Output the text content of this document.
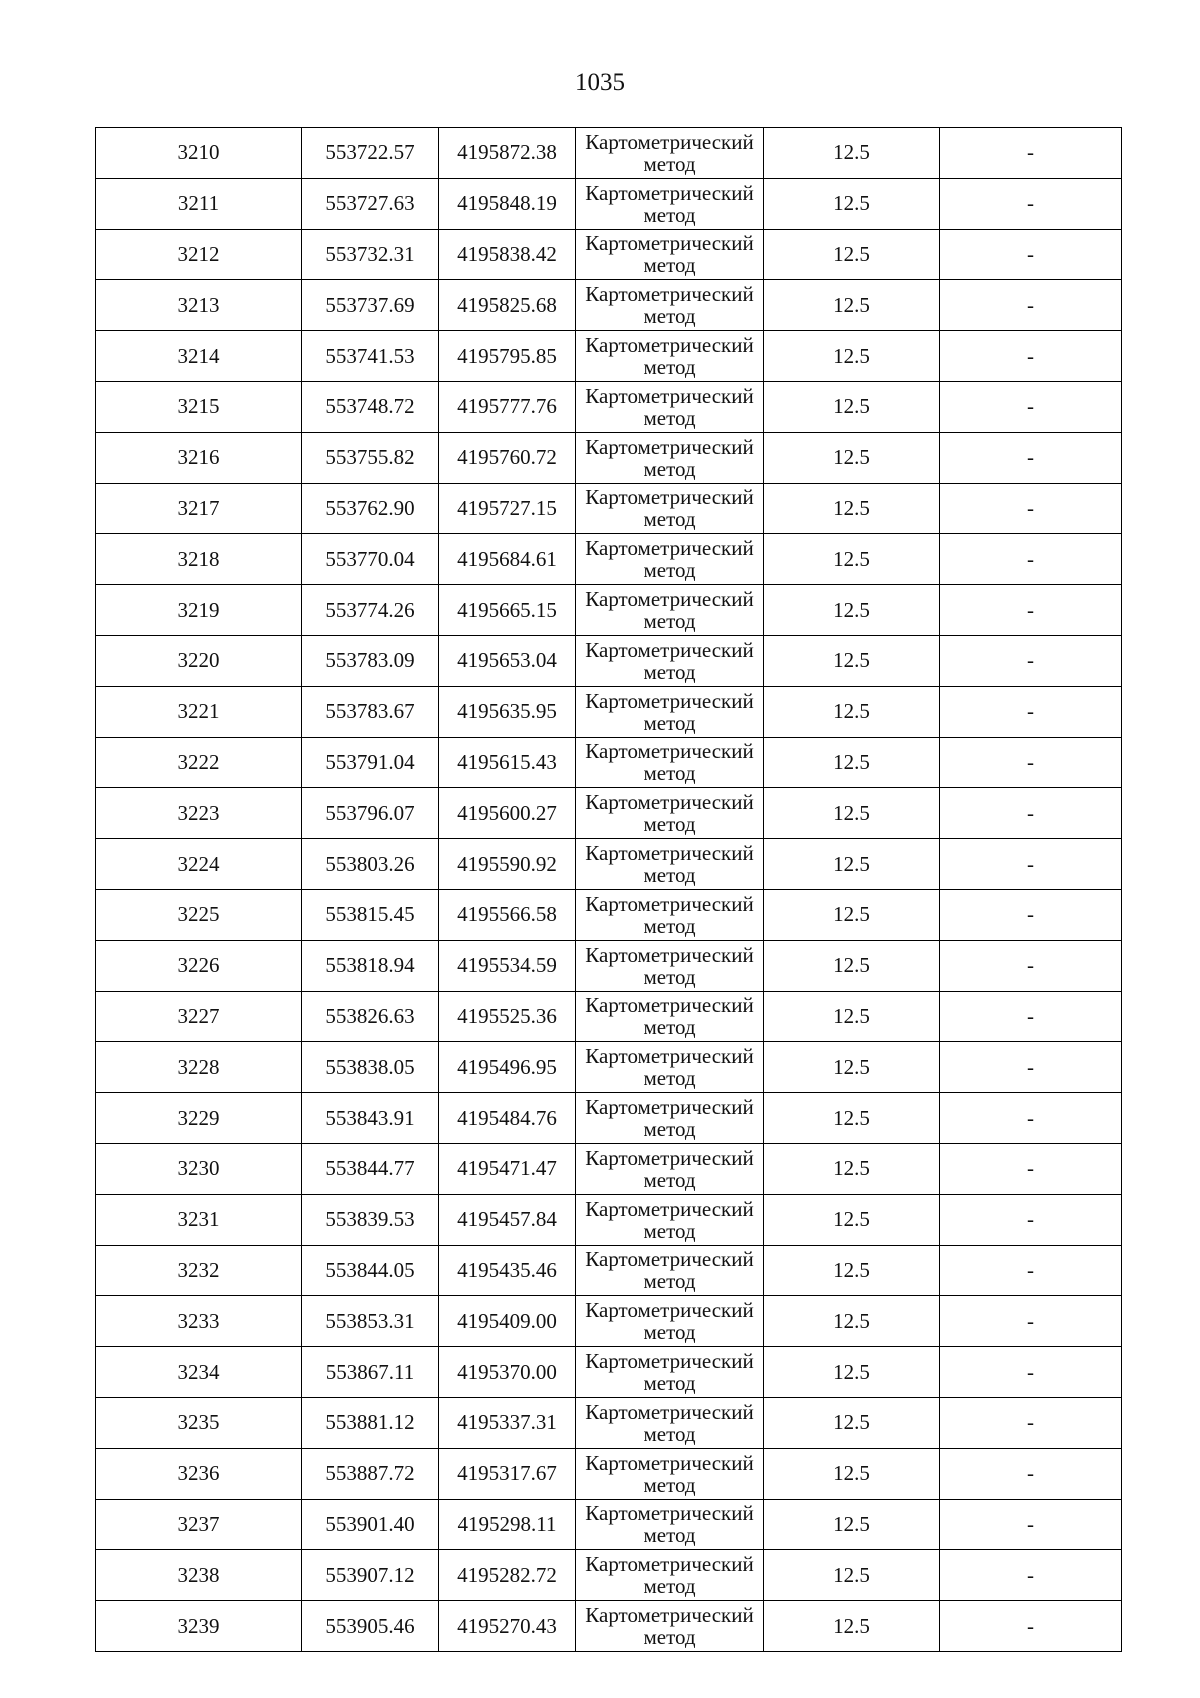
1035
3210	553722.57	4195872.38	Картометрический
метод	12.5	-
3211	553727.63	4195848.19	Картометрический
метод	12.5	-
3212	553732.31	4195838.42	Картометрический
метод	12.5	-
3213	553737.69	4195825.68	Картометрический
метод	12.5	-
3214	553741.53	4195795.85	Картометрический
метод	12.5	-
3215	553748.72	4195777.76	Картометрический
метод	12.5	-
3216	553755.82	4195760.72	Картометрический
метод	12.5	-
3217	553762.90	4195727.15	Картометрический
метод	12.5	-
3218	553770.04	4195684.61	Картометрический
метод	12.5	-
3219	553774.26	4195665.15	Картометрический
метод	12.5	-
3220	553783.09	4195653.04	Картометрический
метод	12.5	-
3221	553783.67	4195635.95	Картометрический
метод	12.5	-
3222	553791.04	4195615.43	Картометрический
метод	12.5	-
3223	553796.07	4195600.27	Картометрический
метод	12.5	-
3224	553803.26	4195590.92	Картометрический
метод	12.5	-
3225	553815.45	4195566.58	Картометрический
метод	12.5	-
3226	553818.94	4195534.59	Картометрический
метод	12.5	-
3227	553826.63	4195525.36	Картометрический
метод	12.5	-
3228	553838.05	4195496.95	Картометрический
метод	12.5	-
3229	553843.91	4195484.76	Картометрический
метод	12.5	-
3230	553844.77	4195471.47	Картометрический
метод	12.5	-
3231	553839.53	4195457.84	Картометрический
метод	12.5	-
3232	553844.05	4195435.46	Картометрический
метод	12.5	-
3233	553853.31	4195409.00	Картометрический
метод	12.5	-
3234	553867.11	4195370.00	Картометрический
метод	12.5	-
3235	553881.12	4195337.31	Картометрический
метод	12.5	-
3236	553887.72	4195317.67	Картометрический
метод	12.5	-
3237	553901.40	4195298.11	Картометрический
метод	12.5	-
3238	553907.12	4195282.72	Картометрический
метод	12.5	-
3239	553905.46	4195270.43	Картометрический
метод	12.5	-
